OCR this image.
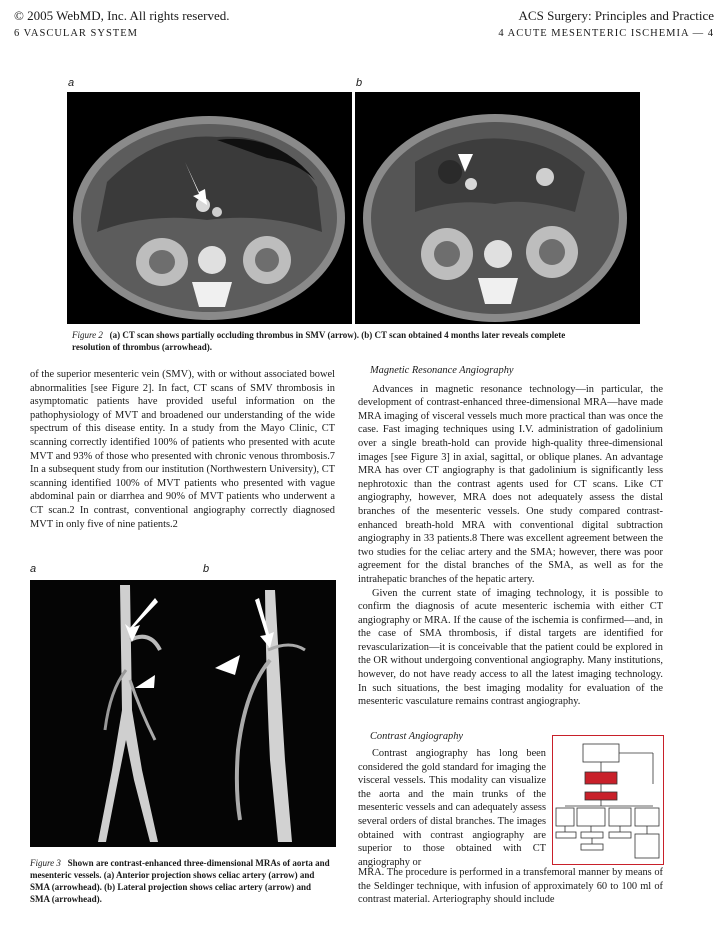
© 2005 WebMD, Inc. All rights reserved.	ACS Surgery: Principles and Practice
6 VASCULAR SYSTEM	4 ACUTE MESENTERIC ISCHEMIA — 4
a	b
Figure 2 (a) CT scan shows partially occluding thrombus in SMV (arrow). (b) CT scan obtained 4 months later reveals complete resolution of thrombus (arrowhead).

of the superior mesenteric vein (SMV), with or without associated bowel abnormalities [see Figure 2]. In fact, CT scans of SMV thrombosis in asymptomatic patients have provided useful information on the pathophysiology of MVT and broadened our understanding of the wide spectrum of this disease entity. In a study from the Mayo Clinic, CT scanning correctly identified 100% of patients who presented with acute MVT and 93% of those who presented with chronic venous thrombosis.7 In a subsequent study from our institution (Northwestern University), CT scanning identified 100% of MVT patients who presented with vague abdominal pain or diarrhea and 90% of MVT patients who underwent a CT scan.2 In contrast, conventional angiography correctly diagnosed MVT in only five of nine patients.2

a	b
Figure 3 Shown are contrast-enhanced three-dimensional MRAs of aorta and mesenteric vessels. (a) Anterior projection shows celiac artery (arrow) and SMA (arrowhead). (b) Lateral projection shows celiac artery (arrow) and SMA (arrowhead).
Magnetic Resonance Angiography

Advances in magnetic resonance technology—in particular, the development of contrast-enhanced three-dimensional MRA—have made MRA imaging of visceral vessels much more practical than was once the case. Fast imaging techniques using I.V. administration of gadolinium over a single breath-hold can provide high-quality three-dimensional images [see Figure 3] in axial, sagittal, or oblique planes. An advantage MRA has over CT angiography is that gadolinium is significantly less nephrotoxic than the contrast agents used for CT scans. Like CT angiography, however, MRA does not adequately assess the distal branches of the mesenteric vessels. One study compared contrast-enhanced breath-hold MRA with conventional digital subtraction angiography in 33 patients.8 There was excellent agreement between the two studies for the celiac artery and the SMA; however, there was poor agreement for the distal branches of the SMA, as well as for the intrahepatic branches of the hepatic artery.

Given the current state of imaging technology, it is possible to confirm the diagnosis of acute mesenteric ischemia with either CT angiography or MRA. If the cause of the ischemia is confirmed—and, in the case of SMA thrombosis, if distal targets are identified for revascularization—it is conceivable that the patient could be explored in the OR without undergoing conventional angiography. Many institutions, however, do not have ready access to all the latest imaging technology. In such situations, the best imaging modality for evaluation of the mesenteric vasculature remains contrast angiography.

Contrast Angiography

Contrast angiography has long been considered the gold standard for imaging the visceral vessels. This modality can visualize the aorta and the main trunks of the mesenteric vessels and can adequately assess several orders of distal branches. The images obtained with contrast angiography are superior to those obtained with CT angiography or

MRA. The procedure is performed in a transfemoral manner by means of the Seldinger technique, with infusion of approximately 60 to 100 ml of contrast material. Arteriography should include
